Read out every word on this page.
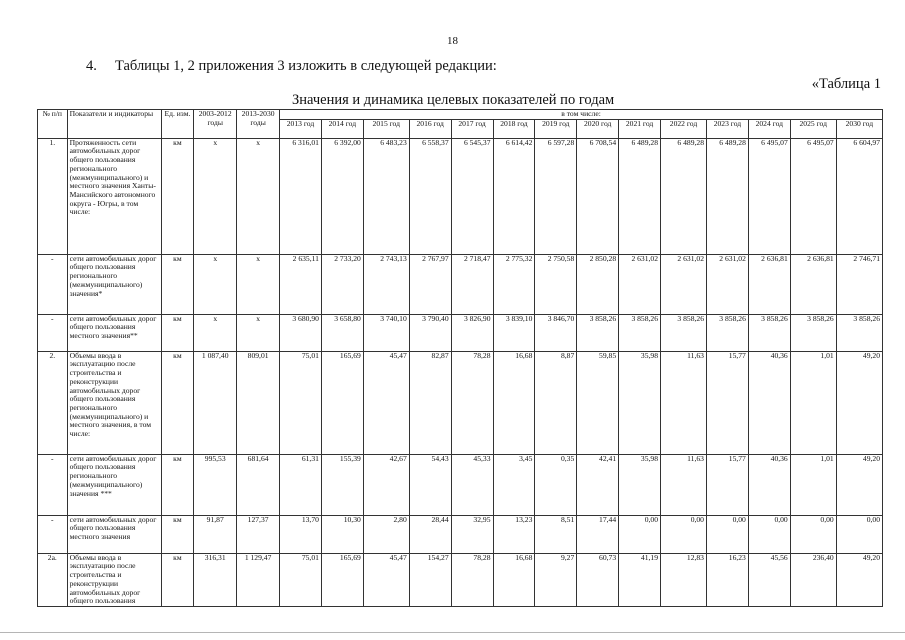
18
4.     Таблицы 1, 2 приложения 3 изложить в следующей редакции:
«Таблица 1
Значения и динамика целевых показателей по годам
№ п/п	Показатели и индикаторы	Ед. изм.	2003-2012 годы	2013-2030 годы	в том числе:													
					2013 год	2014 год	2015 год	2016 год	2017 год	2018 год	2019 год	2020 год	2021 год	2022 год	2023 год	2024 год	2025 год	2030 год
1.	Протяженность сети автомобильных дорог общего пользования регионального (межмуниципального) и местного значения Ханты-Мансийского автономного округа - Югры, в том числе:	км	х	х	6 316,01	6 392,00	6 483,23	6 558,37	6 545,37	6 614,42	6 597,28	6 708,54	6 489,28	6 489,28	6 489,28	6 495,07	6 495,07	6 604,97
-	сети автомобильных дорог общего пользования регионального (межмуниципального) значения*	км	х	х	2 635,11	2 733,20	2 743,13	2 767,97	2 718,47	2 775,32	2 750,58	2 850,28	2 631,02	2 631,02	2 631,02	2 636,81	2 636,81	2 746,71
-	сети автомобильных дорог общего пользования местного значения**	км	х	х	3 680,90	3 658,80	3 740,10	3 790,40	3 826,90	3 839,10	3 846,70	3 858,26	3 858,26	3 858,26	3 858,26	3 858,26	3 858,26	3 858,26
2.	Объемы ввода в эксплуатацию после строительства и реконструкции автомобильных дорог общего пользования регионального (межмуниципального) и местного значения, в том числе:	км	1 087,40	809,01	75,01	165,69	45,47	82,87	78,28	16,68	8,87	59,85	35,98	11,63	15,77	40,36	1,01	49,20
-	сети автомобильных дорог общего пользования регионального (межмуниципального) значения ***	км	995,53	681,64	61,31	155,39	42,67	54,43	45,33	3,45	0,35	42,41	35,98	11,63	15,77	40,36	1,01	49,20
-	сети автомобильных дорог общего пользования местного значения	км	91,87	127,37	13,70	10,30	2,80	28,44	32,95	13,23	8,51	17,44	0,00	0,00	0,00	0,00	0,00	0,00
2а.	Объемы ввода в эксплуатацию после строительства и реконструкции автомобильных дорог общего пользования	км	316,31	1 129,47	75,01	165,69	45,47	154,27	78,28	16,68	9,27	60,73	41,19	12,83	16,23	45,56	236,40	49,20
